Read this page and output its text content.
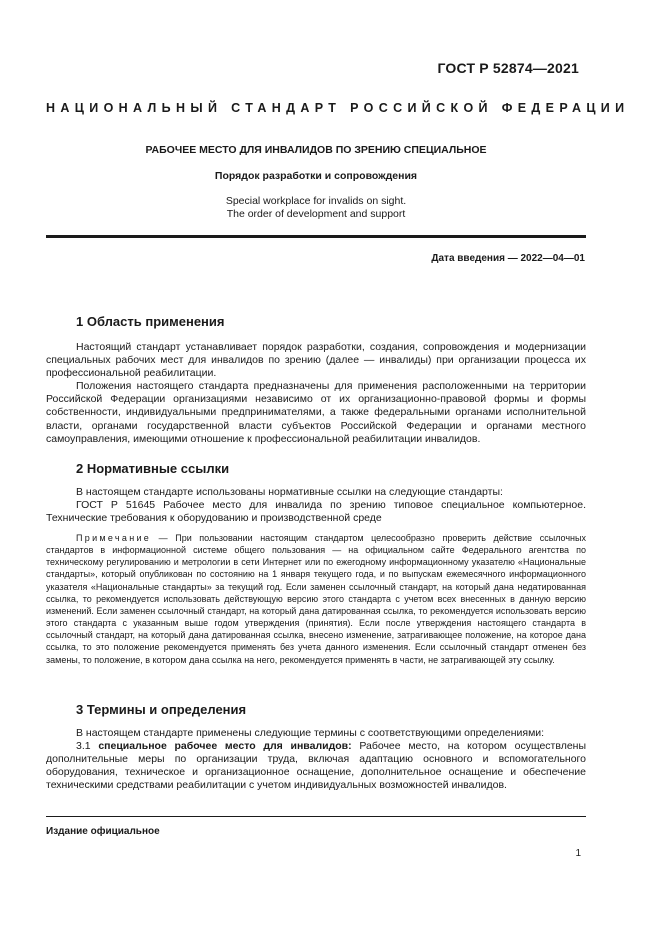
ГОСТ Р 52874—2021
НАЦИОНАЛЬНЫЙ СТАНДАРТ РОССИЙСКОЙ ФЕДЕРАЦИИ
РАБОЧЕЕ МЕСТО ДЛЯ ИНВАЛИДОВ ПО ЗРЕНИЮ СПЕЦИАЛЬНОЕ
Порядок разработки и сопровождения
Special workplace for invalids on sight.
The order of development and support
Дата введения — 2022—04—01
1 Область применения

Настоящий стандарт устанавливает порядок разработки, создания, сопровождения и модернизации специальных рабочих мест для инвалидов по зрению (далее — инвалиды) при организации процесса их профессиональной реабилитации.

Положения настоящего стандарта предназначены для применения расположенными на территории Российской Федерации организациями независимо от их организационно-правовой формы и формы собственности, индивидуальными предпринимателями, а также федеральными органами исполнительной власти, органами государственной власти субъектов Российской Федерации и органами местного самоуправления, имеющими отношение к профессиональной реабилитации инвалидов.

2 Нормативные ссылки

В настоящем стандарте использованы нормативные ссылки на следующие стандарты:

ГОСТ Р 51645 Рабочее место для инвалида по зрению типовое специальное компьютерное. Технические требования к оборудованию и производственной среде

Примечание — При пользовании настоящим стандартом целесообразно проверить действие ссылочных стандартов в информационной системе общего пользования — на официальном сайте Федерального агентства по техническому регулированию и метрологии в сети Интернет или по ежегодному информационному указателю «Национальные стандарты», который опубликован по состоянию на 1 января текущего года, и по выпускам ежемесячного информационного указателя «Национальные стандарты» за текущий год. Если заменен ссылочный стандарт, на который дана недатированная ссылка, то рекомендуется использовать действующую версию этого стандарта с учетом всех внесенных в данную версию изменений. Если заменен ссылочный стандарт, на который дана датированная ссылка, то рекомендуется использовать версию этого стандарта с указанным выше годом утверждения (принятия). Если после утверждения настоящего стандарта в ссылочный стандарт, на который дана датированная ссылка, внесено изменение, затрагивающее положение, на которое дана ссылка, то это положение рекомендуется применять без учета данного изменения. Если ссылочный стандарт отменен без замены, то положение, в котором дана ссылка на него, рекомендуется применять в части, не затрагивающей эту ссылку.

3 Термины и определения

В настоящем стандарте применены следующие термины с соответствующими определениями:

3.1 специальное рабочее место для инвалидов: Рабочее место, на котором осуществлены дополнительные меры по организации труда, включая адаптацию основного и вспомогательного оборудования, техническое и организационное оснащение, дополнительное оснащение и обеспечение техническими средствами реабилитации с учетом индивидуальных возможностей инвалидов.

Издание официальное
1
